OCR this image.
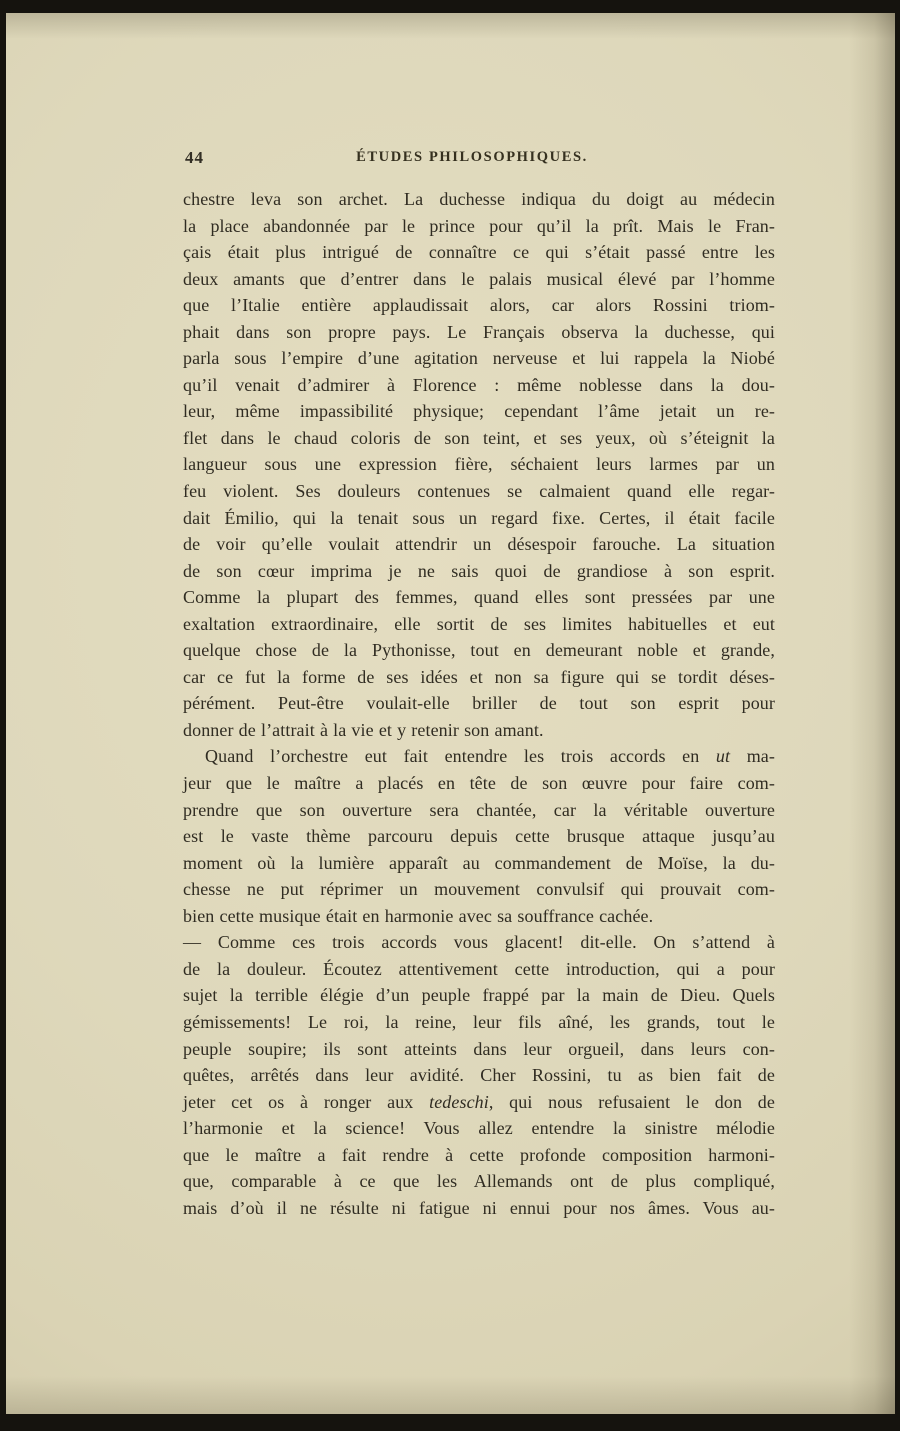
44	ÉTUDES PHILOSOPHIQUES.
chestre leva son archet. La duchesse indiqua du doigt au médecin
la place abandonnée par le prince pour qu’il la prît. Mais le Fran-
çais était plus intrigué de connaître ce qui s’était passé entre les
deux amants que d’entrer dans le palais musical élevé par l’homme
que l’Italie entière applaudissait alors, car alors Rossini triom-
phait dans son propre pays. Le Français observa la duchesse, qui
parla sous l’empire d’une agitation nerveuse et lui rappela la Niobé
qu’il venait d’admirer à Florence : même noblesse dans la dou-
leur, même impassibilité physique; cependant l’âme jetait un re-
flet dans le chaud coloris de son teint, et ses yeux, où s’éteignit la
langueur sous une expression fière, séchaient leurs larmes par un
feu violent. Ses douleurs contenues se calmaient quand elle regar-
dait Émilio, qui la tenait sous un regard fixe. Certes, il était facile
de voir qu’elle voulait attendrir un désespoir farouche. La situation
de son cœur imprima je ne sais quoi de grandiose à son esprit.
Comme la plupart des femmes, quand elles sont pressées par une
exaltation extraordinaire, elle sortit de ses limites habituelles et eut
quelque chose de la Pythonisse, tout en demeurant noble et grande,
car ce fut la forme de ses idées et non sa figure qui se tordit déses-
pérément. Peut-être voulait-elle briller de tout son esprit pour
donner de l’attrait à la vie et y retenir son amant.
Quand l’orchestre eut fait entendre les trois accords en ut ma-
jeur que le maître a placés en tête de son œuvre pour faire com-
prendre que son ouverture sera chantée, car la véritable ouverture
est le vaste thème parcouru depuis cette brusque attaque jusqu’au
moment où la lumière apparaît au commandement de Moïse, la du-
chesse ne put réprimer un mouvement convulsif qui prouvait com-
bien cette musique était en harmonie avec sa souffrance cachée.
— Comme ces trois accords vous glacent! dit-elle. On s’attend à
de la douleur. Écoutez attentivement cette introduction, qui a pour
sujet la terrible élégie d’un peuple frappé par la main de Dieu. Quels
gémissements! Le roi, la reine, leur fils aîné, les grands, tout le
peuple soupire; ils sont atteints dans leur orgueil, dans leurs con-
quêtes, arrêtés dans leur avidité. Cher Rossini, tu as bien fait de
jeter cet os à ronger aux tedeschi, qui nous refusaient le don de
l’harmonie et la science! Vous allez entendre la sinistre mélodie
que le maître a fait rendre à cette profonde composition harmoni-
que, comparable à ce que les Allemands ont de plus compliqué,
mais d’où il ne résulte ni fatigue ni ennui pour nos âmes. Vous au-
